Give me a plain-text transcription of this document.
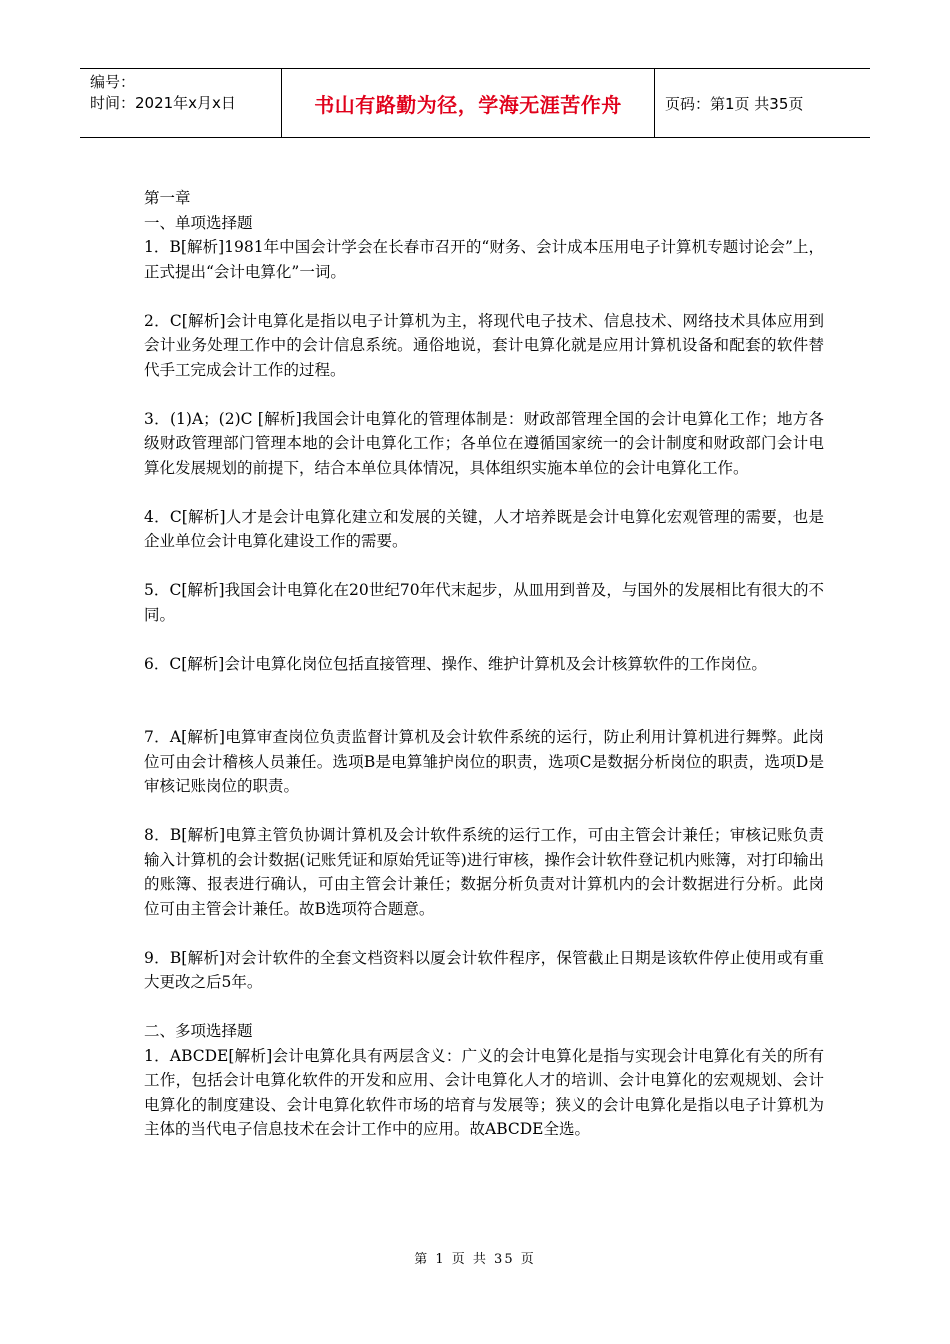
编号：
时间：2021年x月x日	书山有路勤为径，学海无涯苦作舟	页码：第1页 共35页

第一章

一、单项选择题

1．B[解析]1981年中国会计学会在长春市召开的“财务、会计成本压用电子计算机专题讨论会”上，正式提出“会计电算化”一词。

2．C[解析]会计电算化是指以电子计算机为主，将现代电子技术、信息技术、网络技术具体应用到会计业务处理工作中的会计信息系统。通俗地说，套计电算化就是应用计算机设备和配套的软件替代手工完成会计工作的过程。

3．(1)A；(2)C [解析]我国会计电算化的管理体制是：财政部管理全国的会计电算化工作；地方各级财政管理部门管理本地的会计电算化工作；各单位在遵循国家统一的会计制度和财政部门会计电算化发展规划的前提下，结合本单位具体情况，具体组织实施本单位的会计电算化工作。

4．C[解析]人才是会计电算化建立和发展的关键，人才培养既是会计电算化宏观管理的需要，也是企业单位会计电算化建设工作的需要。

5．C[解析]我国会计电算化在20世纪70年代末起步，从皿用到普及，与国外的发展相比有很大的不同。

6．C[解析]会计电算化岗位包括直接管理、操作、维护计算机及会计核算软件的工作岗位。

7．A[解析]电算审查岗位负责监督计算机及会计软件系统的运行，防止利用计算机进行舞弊。此岗位可由会计稽核人员兼任。选项B是电算雏护岗位的职责，选项C是数据分析岗位的职责，选项D是审核记账岗位的职责。

8．B[解析]电算主管负协调计算机及会计软件系统的运行工作，可由主管会计兼任；审核记账负责输入计算机的会计数据(记账凭证和原始凭证等)进行审核，操作会计软件登记机内账簿，对打印输出的账簿、报表进行确认，可由主管会计兼任；数据分析负责对计算机内的会计数据进行分析。此岗位可由主管会计兼任。故B选项符合题意。

9．B[解析]对会计软件的全套文档资料以厦会计软件程序，保管截止日期是该软件停止使用或有重大更改之后5年。

二、多项选择题

1．ABCDE[解析]会计电算化具有两层含义：广义的会计电算化是指与实现会计电算化有关的所有工作，包括会计电算化软件的开发和应用、会计电算化人才的培训、会计电算化的宏观规划、会计电算化的制度建设、会计电算化软件市场的培育与发展等；狭义的会计电算化是指以电子计算机为主体的当代电子信息技术在会计工作中的应用。故ABCDE全选。

第 1 页 共 35 页
